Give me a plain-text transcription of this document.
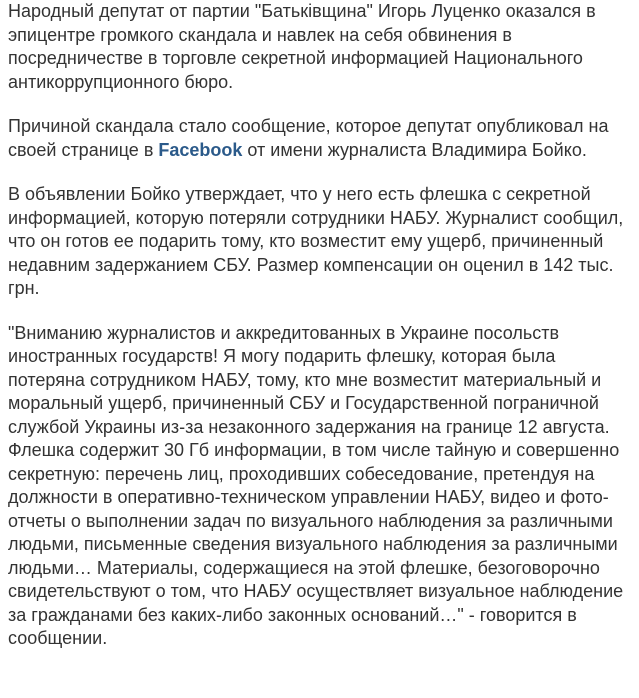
Народный депутат от партии "Батьківщина" Игорь Луценко оказался в эпицентре громкого скандала и навлек на себя обвинения в посредничестве в торговле секретной информацией Национального антикоррупционного бюро.

Причиной скандала стало сообщение, которое депутат опубликовал на своей странице в Facebook от имени журналиста Владимира Бойко.

В объявлении Бойко утверждает, что у него есть флешка с секретной информацией, которую потеряли сотрудники НАБУ. Журналист сообщил, что он готов ее подарить тому, кто возместит ему ущерб, причиненный недавним задержанием СБУ. Размер компенсации он оценил в 142 тыс. грн.

"Вниманию журналистов и аккредитованных в Украине посольств иностранных государств! Я могу подарить флешку, которая была потеряна сотрудником НАБУ, тому, кто мне возместит материальный и моральный ущерб, причиненный СБУ и Государственной пограничной службой Украины из-за незаконного задержания на границе 12 августа. Флешка содержит 30 Гб информации, в том числе тайную и совершенно секретную: перечень лиц, проходивших собеседование, претендуя на должности в оперативно-техническом управлении НАБУ, видео и фото-отчеты о выполнении задач по визуального наблюдения за различными людьми, письменные сведения визуального наблюдения за различными людьми… Материалы, содержащиеся на этой флешке, безоговорочно свидетельствуют о том, что НАБУ осуществляет визуальное наблюдение за гражданами без каких-либо законных оснований…" - говорится в сообщении.
